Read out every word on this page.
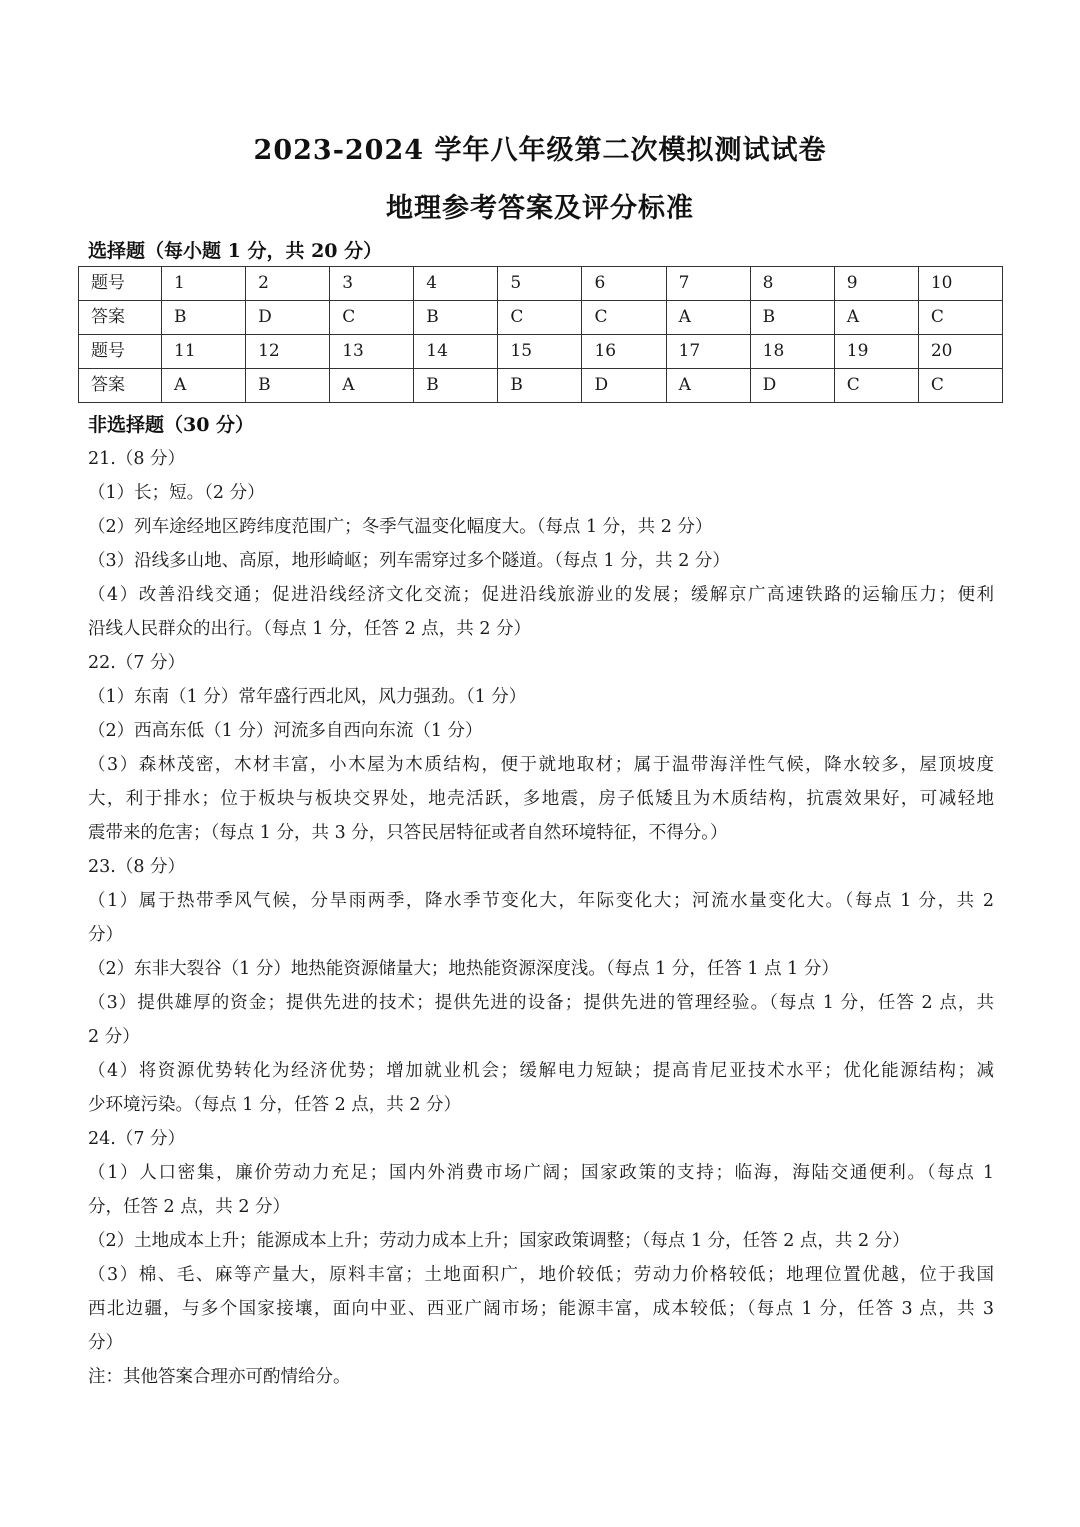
2023-2024 学年八年级第二次模拟测试试卷
地理参考答案及评分标准
选择题（每小题 1 分，共 20 分）
题号	1	2	3	4	5	6	7	8	9	10
答案	B	D	C	B	C	C	A	B	A	C
题号	11	12	13	14	15	16	17	18	19	20
答案	A	B	A	B	B	D	A	D	C	C
非选择题（30 分）
21.（8 分）
（1）长；短。（2 分）
（2）列车途经地区跨纬度范围广；冬季气温变化幅度大。（每点 1 分，共 2 分）
（3）沿线多山地、高原，地形崎岖；列车需穿过多个隧道。（每点 1 分，共 2 分）
（4）改善沿线交通；促进沿线经济文化交流；促进沿线旅游业的发展；缓解京广高速铁路的运输压力；便利
沿线人民群众的出行。（每点 1 分，任答 2 点，共 2 分）
22.（7 分）
（1）东南（1 分）常年盛行西北风，风力强劲。（1 分）
（2）西高东低（1 分）河流多自西向东流（1 分）
（3）森林茂密，木材丰富，小木屋为木质结构，便于就地取材；属于温带海洋性气候，降水较多，屋顶坡度
大，利于排水；位于板块与板块交界处，地壳活跃，多地震，房子低矮且为木质结构，抗震效果好，可减轻地
震带来的危害；（每点 1 分，共 3 分，只答民居特征或者自然环境特征，不得分。）
23.（8 分）
（1）属于热带季风气候，分旱雨两季，降水季节变化大，年际变化大；河流水量变化大。（每点 1 分，共 2
分）
（2）东非大裂谷（1 分）地热能资源储量大；地热能资源深度浅。（每点 1 分，任答 1 点 1 分）
（3）提供雄厚的资金；提供先进的技术；提供先进的设备；提供先进的管理经验。（每点 1 分，任答 2 点，共
2 分）
（4）将资源优势转化为经济优势；增加就业机会；缓解电力短缺；提高肯尼亚技术水平；优化能源结构；减
少环境污染。（每点 1 分，任答 2 点，共 2 分）
24.（7 分）
（1）人口密集，廉价劳动力充足；国内外消费市场广阔；国家政策的支持；临海，海陆交通便利。（每点 1
分，任答 2 点，共 2 分）
（2）土地成本上升；能源成本上升；劳动力成本上升；国家政策调整；（每点 1 分，任答 2 点，共 2 分）
（3）棉、毛、麻等产量大，原料丰富；土地面积广，地价较低；劳动力价格较低；地理位置优越，位于我国
西北边疆，与多个国家接壤，面向中亚、西亚广阔市场；能源丰富，成本较低；（每点 1 分，任答 3 点，共 3
分）
注：其他答案合理亦可酌情给分。
